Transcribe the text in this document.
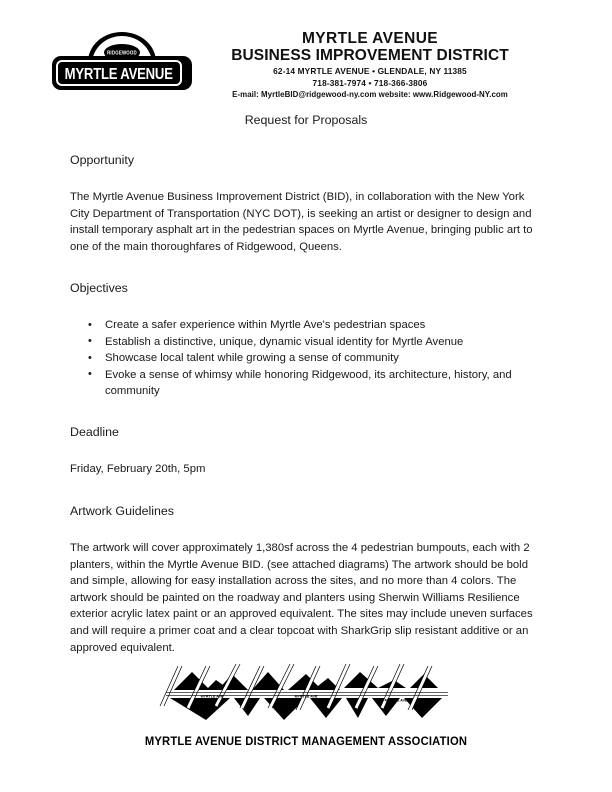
RIDGEWOOD
MYRTLE AVENUE
MYRTLE AVENUE
BUSINESS IMPROVEMENT DISTRICT
62-14 MYRTLE AVENUE • GLENDALE, NY 11385
718-381-7974 • 718-366-3806
E-mail: MyrtleBID@ridgewood-ny.com website: www.Ridgewood-NY.com
Request for Proposals
Opportunity

The Myrtle Avenue Business Improvement District (BID), in collaboration with the New York City Department of Transportation (NYC DOT), is seeking an artist or designer to design and install temporary asphalt art in the pedestrian spaces on Myrtle Avenue, bringing public art to one of the main thoroughfares of Ridgewood, Queens.

Objectives
• Create a safer experience within Myrtle Ave's pedestrian spaces
• Establish a distinctive, unique, dynamic visual identity for Myrtle Avenue
• Showcase local talent while growing a sense of community
• Evoke a sense of whimsy while honoring Ridgewood, its architecture, history, and community
Deadline

Friday, February 20th, 5pm

Artwork Guidelines

The artwork will cover approximately 1,380sf across the 4 pedestrian bumpouts, each with 2 planters, within the Myrtle Avenue BID. (see attached diagrams) The artwork should be bold and simple, allowing for easy installation across the sites, and no more than 4 colors. The artwork should be painted on the roadway and planters using Sherwin Williams Resilience exterior acrylic latex paint or an approved equivalent. The sites may include uneven surfaces and will require a primer coat and a clear topcoat with SharkGrip slip resistant additive or an approved equivalent.

MYRTLE AVE	MYRTLE AVE
MYRTLE AVE
MYRTLE AVENUE DISTRICT MANAGEMENT ASSOCIATION
